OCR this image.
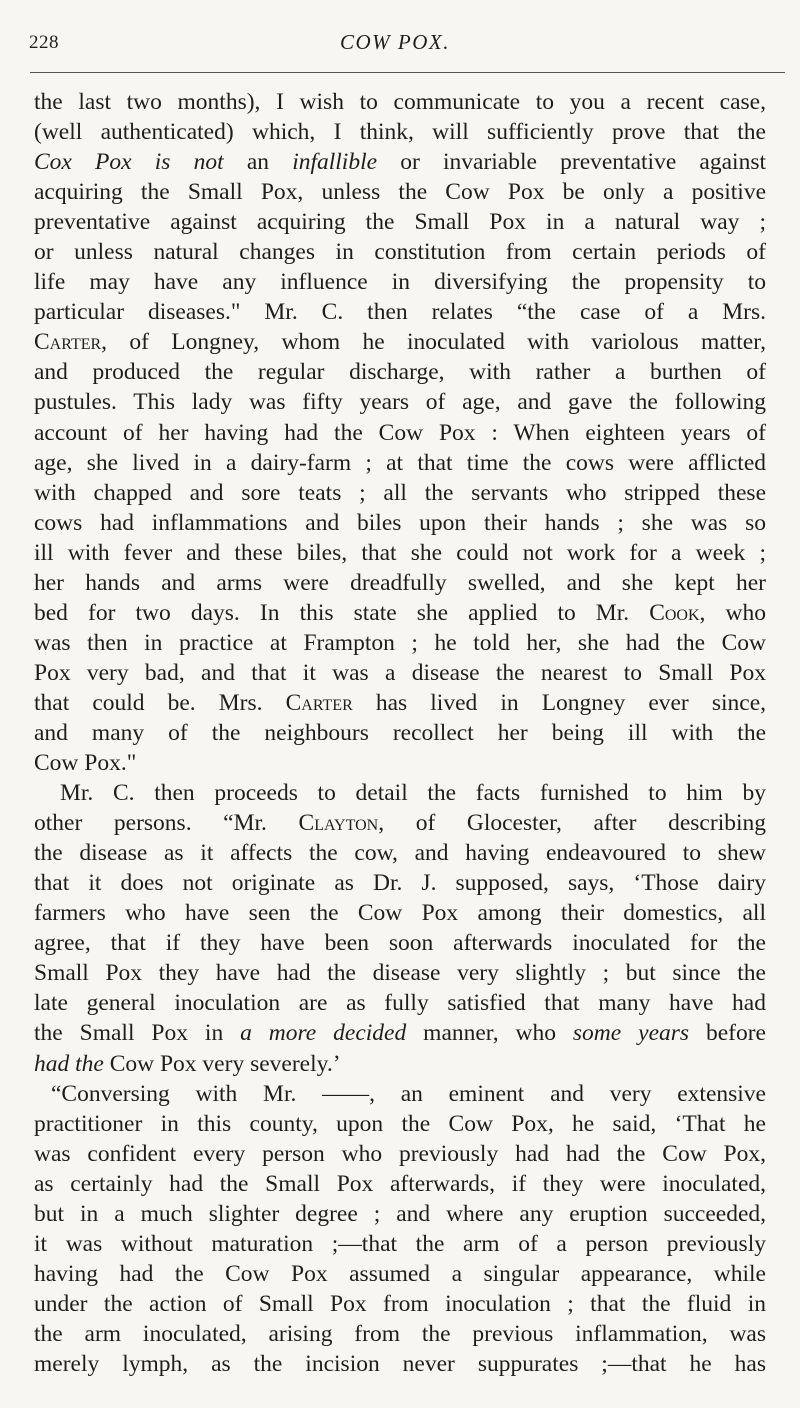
228	COW POX.

the last two months), I wish to communicate to you a recent case,
(well authenticated) which, I think, will sufficiently prove that the
Cox Pox is not an infallible or invariable preventative against
acquiring the Small Pox, unless the Cow Pox be only a positive
preventative against acquiring the Small Pox in a natural way ;
or unless natural changes in constitution from certain periods of
life may have any influence in diversifying the propensity to
particular diseases." Mr. C. then relates “the case of a Mrs.
Carter, of Longney, whom he inoculated with variolous matter,
and produced the regular discharge, with rather a burthen of
pustules. This lady was fifty years of age, and gave the following
account of her having had the Cow Pox : When eighteen years of
age, she lived in a dairy-farm ; at that time the cows were afflicted
with chapped and sore teats ; all the servants who stripped these
cows had inflammations and biles upon their hands ; she was so
ill with fever and these biles, that she could not work for a week ;
her hands and arms were dreadfully swelled, and she kept her
bed for two days. In this state she applied to Mr. Cook, who
was then in practice at Frampton ; he told her, she had the Cow
Pox very bad, and that it was a disease the nearest to Small Pox
that could be. Mrs. Carter has lived in Longney ever since,
and many of the neighbours recollect her being ill with the
Cow Pox."

Mr. C. then proceeds to detail the facts furnished to him by
other persons. “Mr. Clayton, of Glocester, after describing
the disease as it affects the cow, and having endeavoured to shew
that it does not originate as Dr. J. supposed, says, ‘Those dairy
farmers who have seen the Cow Pox among their domestics, all
agree, that if they have been soon afterwards inoculated for the
Small Pox they have had the disease very slightly ; but since the
late general inoculation are as fully satisfied that many have had
the Small Pox in a more decided manner, who some years before
had the Cow Pox very severely.’

“Conversing with Mr. ——, an eminent and very extensive
practitioner in this county, upon the Cow Pox, he said, ‘That he
was confident every person who previously had had the Cow Pox,
as certainly had the Small Pox afterwards, if they were inoculated,
but in a much slighter degree ; and where any eruption succeeded,
it was without maturation ;—that the arm of a person previously
having had the Cow Pox assumed a singular appearance, while
under the action of Small Pox from inoculation ; that the fluid in
the arm inoculated, arising from the previous inflammation, was
merely lymph, as the incision never suppurates ;—that he has
